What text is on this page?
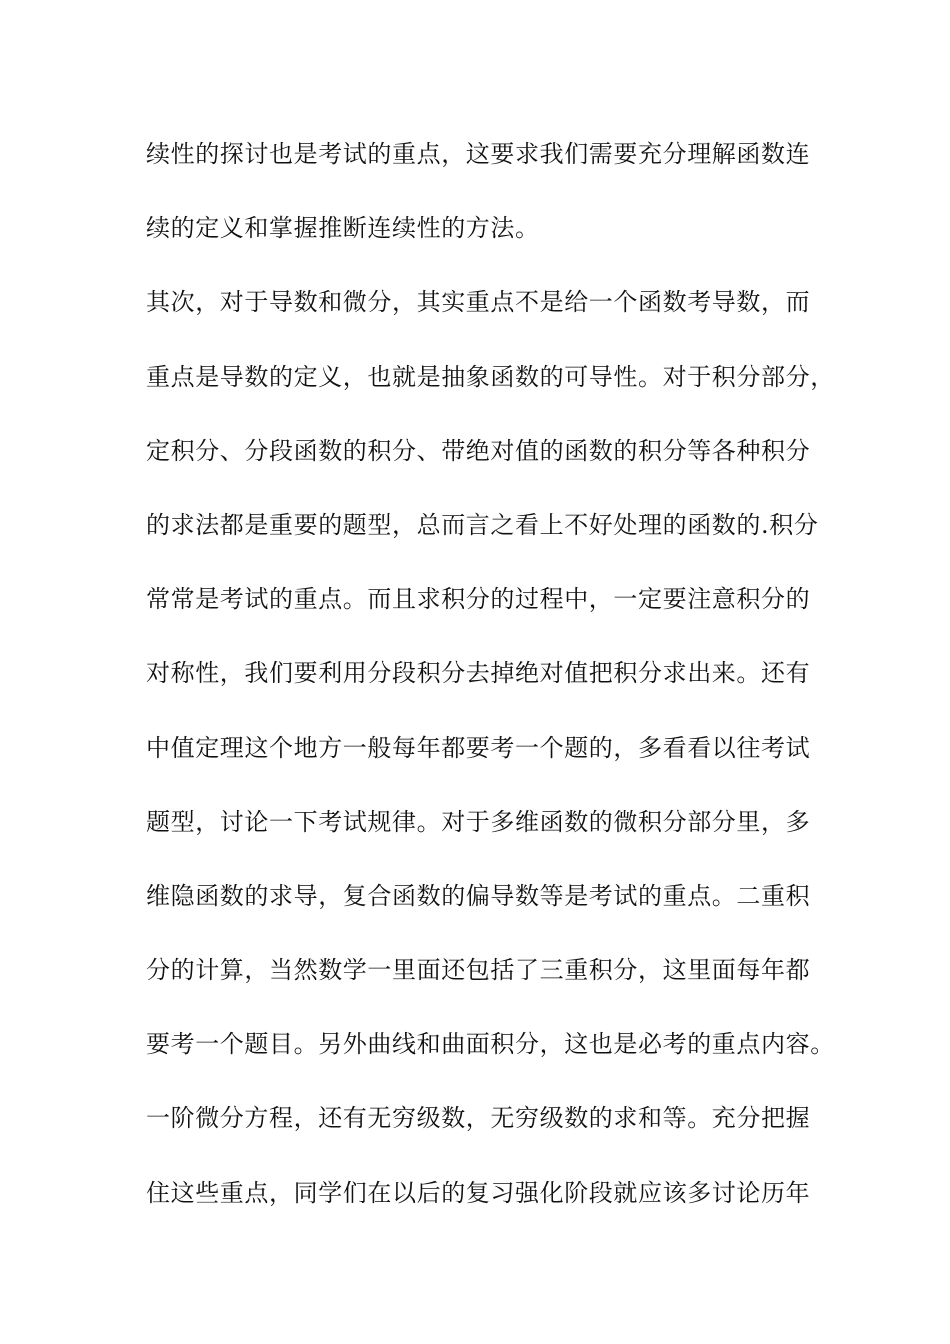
续性的探讨也是考试的重点，这要求我们需要充分理解函数连
续的定义和掌握推断连续性的方法。
其次，对于导数和微分，其实重点不是给一个函数考导数，而
重点是导数的定义，也就是抽象函数的可导性。对于积分部分，
定积分、分段函数的积分、带绝对值的函数的积分等各种积分
的求法都是重要的题型，总而言之看上不好处理的函数的.积分
常常是考试的重点。而且求积分的过程中，一定要注意积分的
对称性，我们要利用分段积分去掉绝对值把积分求出来。还有
中值定理这个地方一般每年都要考一个题的，多看看以往考试
题型，讨论一下考试规律。对于多维函数的微积分部分里，多
维隐函数的求导，复合函数的偏导数等是考试的重点。二重积
分的计算，当然数学一里面还包括了三重积分，这里面每年都
要考一个题目。另外曲线和曲面积分，这也是必考的重点内容。
一阶微分方程，还有无穷级数，无穷级数的求和等。充分把握
住这些重点，同学们在以后的复习强化阶段就应该多讨论历年
